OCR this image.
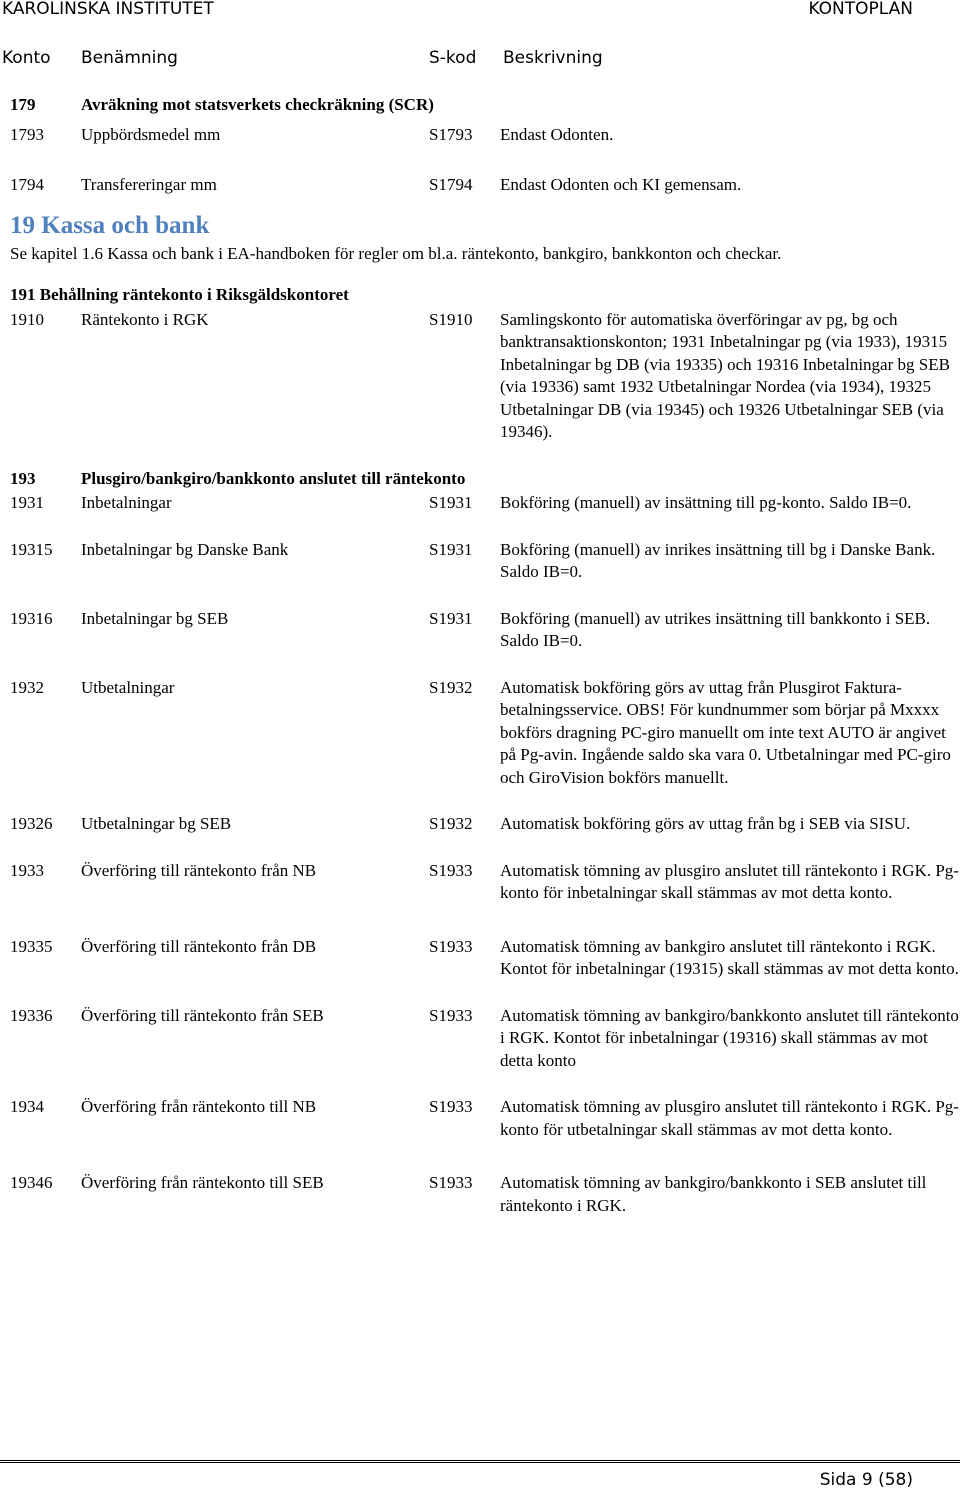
KAROLINSKA INSTITUTET	KONTOPLAN
Konto Benämning	S-kod Beskrivning
179	Avräkning mot statsverkets checkräkning (SCR)
1793 Uppbördsmedel mm	S1793 Endast Odonten.
1794 Transfereringar mm	S1794 Endast Odonten och KI gemensam.
19 Kassa och bank
Se kapitel 1.6 Kassa och bank i EA-handboken för regler om bl.a. räntekonto, bankgiro, bankkonton och checkar.
191 Behållning räntekonto i Riksgäldskontoret
1910 Räntekonto i RGK	S1910 Samlingskonto för automatiska överföringar av pg, bg och banktransaktionskonton; 1931 Inbetalningar pg (via 1933), 19315 Inbetalningar bg DB (via 19335) och 19316 Inbetalningar bg SEB (via 19336) samt 1932 Utbetalningar Nordea (via 1934), 19325 Utbetalningar DB (via 19345) och 19326 Utbetalningar SEB (via 19346).
193	Plusgiro/bankgiro/bankkonto anslutet till räntekonto
1931 Inbetalningar	S1931 Bokföring (manuell) av insättning till pg-konto. Saldo IB=0.
19315 Inbetalningar bg Danske Bank	S1931 Bokföring (manuell) av inrikes insättning till bg i Danske Bank. Saldo IB=0.
19316 Inbetalningar bg SEB	S1931 Bokföring (manuell) av utrikes insättning till bankkonto i SEB. Saldo IB=0.
1932 Utbetalningar	S1932 Automatisk bokföring görs av uttag från Plusgirot Faktura-betalningsservice. OBS! För kundnummer som börjar på Mxxxx bokförs dragning PC-giro manuellt om inte text AUTO är angivet på Pg-avin. Ingående saldo ska vara 0. Utbetalningar med PC-giro och GiroVision bokförs manuellt.
19326 Utbetalningar bg SEB	S1932 Automatisk bokföring görs av uttag från bg i SEB via SISU.
1933 Överföring till räntekonto från NB	S1933 Automatisk tömning av plusgiro anslutet till räntekonto i RGK. Pg-konto för inbetalningar skall stämmas av mot detta konto.
19335 Överföring till räntekonto från DB	S1933 Automatisk tömning av bankgiro anslutet till räntekonto i RGK. Kontot för inbetalningar (19315) skall stämmas av mot detta konto.
19336 Överföring till räntekonto från SEB	S1933 Automatisk tömning av bankgiro/bankkonto anslutet till räntekonto i RGK. Kontot för inbetalningar (19316) skall stämmas av mot detta konto
1934 Överföring från räntekonto till NB	S1933 Automatisk tömning av plusgiro anslutet till räntekonto i RGK. Pg-konto för utbetalningar skall stämmas av mot detta konto.
19346 Överföring från räntekonto till SEB	S1933 Automatisk tömning av bankgiro/bankkonto i SEB anslutet till räntekonto i RGK.
Sida 9 (58)
